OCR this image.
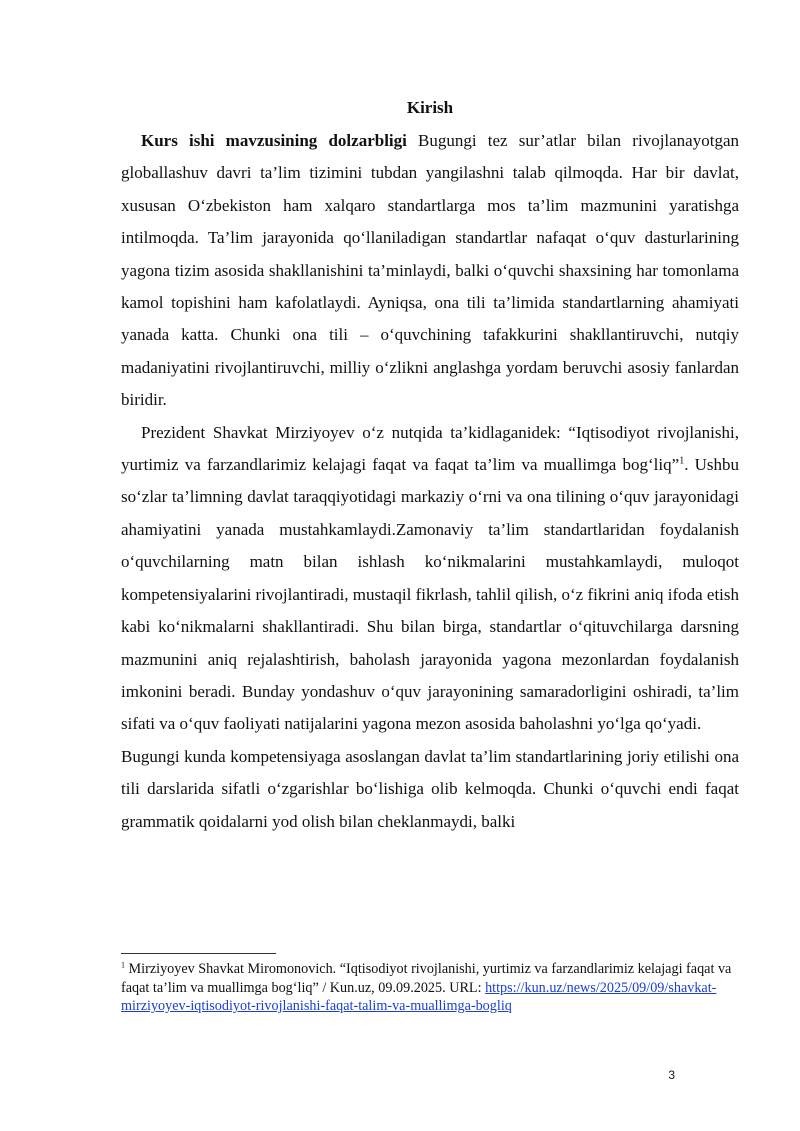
Kirish

Kurs ishi mavzusining dolzarbligi Bugungi tez sur’atlar bilan rivojlanayotgan globallashuv davri ta’lim tizimini tubdan yangilashni talab qilmoqda. Har bir davlat, xususan O‘zbekiston ham xalqaro standartlarga mos ta’lim mazmunini yaratishga intilmoqda. Ta’lim jarayonida qo‘llaniladigan standartlar nafaqat o‘quv dasturlarining yagona tizim asosida shakllanishini ta’minlaydi, balki o‘quvchi shaxsining har tomonlama kamol topishini ham kafolatlaydi. Ayniqsa, ona tili ta’limida standartlarning ahamiyati yanada katta. Chunki ona tili – o‘quvchining tafakkurini shakllantiruvchi, nutqiy madaniyatini rivojlantiruvchi, milliy o‘zlikni anglashga yordam beruvchi asosiy fanlardan biridir.

Prezident Shavkat Mirziyoyev o‘z nutqida ta’kidlaganidek: “Iqtisodiyot rivojlanishi, yurtimiz va farzandlarimiz kelajagi faqat va faqat ta’lim va muallimga bog‘liq”$^1$. Ushbu so‘zlar ta’limning davlat taraqqiyotidagi markaziy o‘rni va ona tilining o‘quv jarayonidagi ahamiyatini yanada mustahkamlaydi.Zamonaviy ta’lim standartlaridan foydalanish o‘quvchilarning matn bilan ishlash ko‘nikmalarini mustahkamlaydi, muloqot kompetensiyalarini rivojlantiradi, mustaqil fikrlash, tahlil qilish, o‘z fikrini aniq ifoda etish kabi ko‘nikmalarni shakllantiradi. Shu bilan birga, standartlar o‘qituvchilarga darsning mazmunini aniq rejalashtirish, baholash jarayonida yagona mezonlardan foydalanish imkonini beradi. Bunday yondashuv o‘quv jarayonining samaradorligini oshiradi, ta’lim sifati va o‘quv faoliyati natijalarini yagona mezon asosida baholashni yo‘lga qo‘yadi.

Bugungi kunda kompetensiyaga asoslangan davlat ta’lim standartlarining joriy etilishi ona tili darslarida sifatli o‘zgarishlar bo‘lishiga olib kelmoqda. Chunki o‘quvchi endi faqat grammatik qoidalarni yod olish bilan cheklanmaydi, balki

$^1$ Mirziyoyev Shavkat Miromonovich. “Iqtisodiyot rivojlanishi, yurtimiz va farzandlarimiz kelajagi faqat va faqat ta’lim va muallimga bog‘liq” / Kun.uz, 09.09.2025. URL: https://kun.uz/news/2025/09/09/shavkat-mirziyoyev-iqtisodiyot-rivojlanishi-faqat-talim-va-muallimga-bogliq
3
